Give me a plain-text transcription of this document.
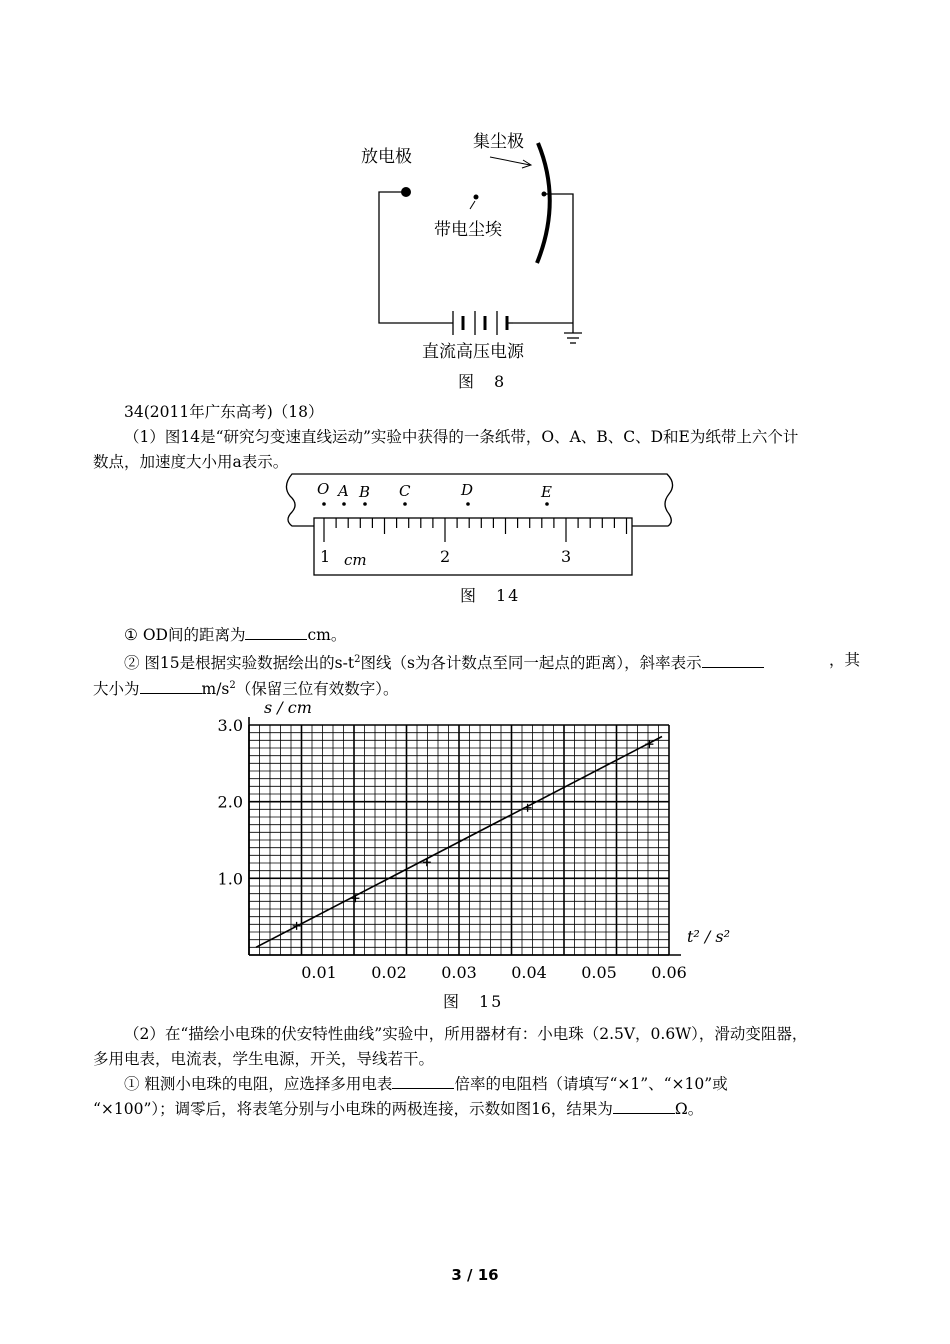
放电极
集尘极
带电尘埃
直流高压电源
图　8
34(2011年广东高考)（18）
（1）图14是“研究匀变速直线运动”实验中获得的一条纸带，O、A、B、C、D和E为纸带上六个计
数点，加速度大小用a表示。
O A B C	D	E
1	2	3
cm
图　14
① OD间的距离为	cm。
② 图15是根据实验数据绘出的$s-t^2$图线（s为各计数点至同一起点的距离），斜率表示	，其
大小为	$m/s^2$（保留三位有效数字）。
0.01 0.02 0.03 0.04 0.05 0.06
1.0
2.0
3.0
s / cm
t² / s²
图　15
（2）在“描绘小电珠的伏安特性曲线”实验中，所用器材有：小电珠（2.5V，0.6W），滑动变阻器，
多用电表，电流表，学生电源，开关，导线若干。
① 粗测小电珠的电阻，应选择多用电表	倍率的电阻档（请填写“×1”、“×10”或
“×100”）；调零后，将表笔分别与小电珠的两极连接，示数如图16，结果为	Ω。
3 / 16
